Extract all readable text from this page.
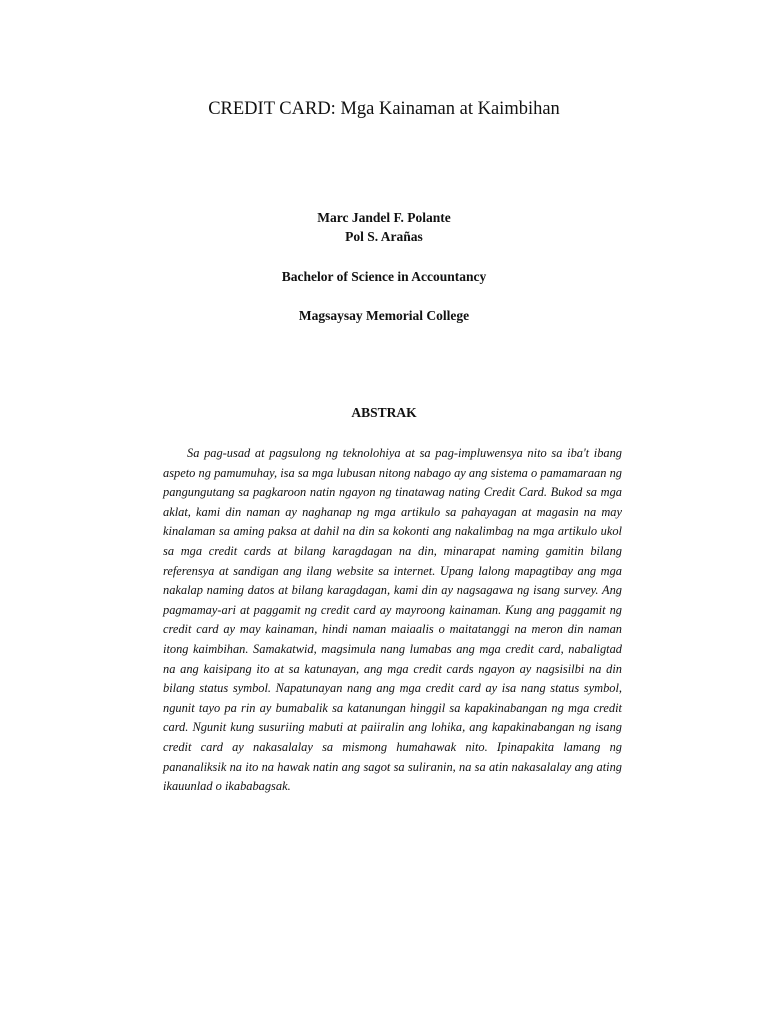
CREDIT CARD: Mga Kainaman at Kaimbihan
Marc Jandel F. Polante
Pol S. Arañas
Bachelor of Science in Accountancy
Magsaysay Memorial College
ABSTRAK

Sa pag-usad at pagsulong ng teknolohiya at sa pag-impluwensya nito sa iba't ibang aspeto ng pamumuhay, isa sa mga lubusan nitong nabago ay ang sistema o pamamaraan ng pangungutang sa pagkaroon natin ngayon ng tinatawag nating Credit Card. Bukod sa mga aklat, kami din naman ay naghanap ng mga artikulo sa pahayagan at magasin na may kinalaman sa aming paksa at dahil na din sa kokonti ang nakalimbag na mga artikulo ukol sa mga credit cards at bilang karagdagan na din, minarapat naming gamitin bilang referensya at sandigan ang ilang website sa internet. Upang lalong mapagtibay ang mga nakalap naming datos at bilang karagdagan, kami din ay nagsagawa ng isang survey. Ang pagmamay-ari at paggamit ng credit card ay mayroong kainaman. Kung ang paggamit ng credit card ay may kainaman, hindi naman maiaalis o maitatanggi na meron din naman itong kaimbihan. Samakatwid, magsimula nang lumabas ang mga credit card, nabaligtad na ang kaisipang ito at sa katunayan, ang mga credit cards ngayon ay nagsisilbi na din bilang status symbol. Napatunayan nang ang mga credit card ay isa nang status symbol, ngunit tayo pa rin ay bumabalik sa katanungan hinggil sa kapakinabangan ng mga credit card. Ngunit kung susuriing mabuti at paiiralin ang lohika, ang kapakinabangan ng isang credit card ay nakasalalay sa mismong humahawak nito. Ipinapakita lamang ng pananaliksik na ito na hawak natin ang sagot sa suliranin, na sa atin nakasalalay ang ating ikauunlad o ikababagsak.
